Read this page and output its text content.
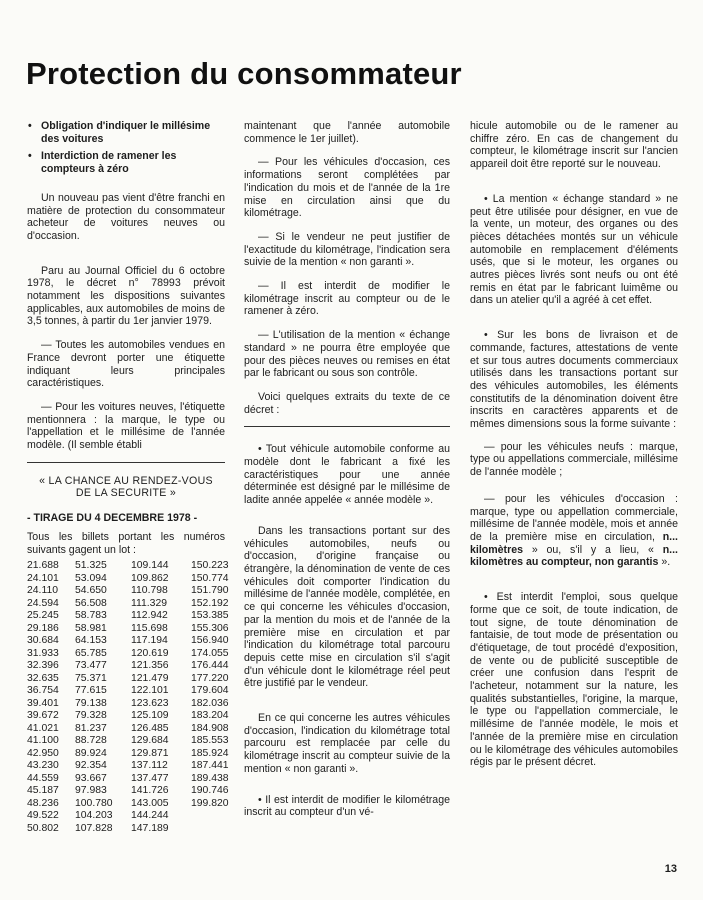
Protection du consommateur
• Obligation d'indiquer le millésime des voitures
• Interdiction de ramener les compteurs à zéro

Un nouveau pas vient d'être franchi en matière de protection du consommateur acheteur de voitures neuves ou d'occasion.

Paru au Journal Officiel du 6 octobre 1978, le décret n° 78993 prévoit notamment les dispositions suivantes applicables, aux automobiles de moins de 3,5 tonnes, à partir du 1er janvier 1979.

— Toutes les automobiles vendues en France devront porter une étiquette indiquant leurs principales caractéristiques.

— Pour les voitures neuves, l'étiquette mentionnera : la marque, le type ou l'appellation et le millésime de l'année modèle. (Il semble établi

« LA CHANCE AU RENDEZ-VOUS
DE LA SECURITE »
- TIRAGE DU 4 DECEMBRE 1978 -

Tous les billets portant les numéros suivants gagent un lot :

21.688	51.325	109.144	150.223
24.101	53.094	109.862	150.774
24.110	54.650	110.798	151.790
24.594	56.508	111.329	152.192
25.245	58.783	112.942	153.385
29.186	58.981	115.698	155.306
30.684	64.153	117.194	156.940
31.933	65.785	120.619	174.055
32.396	73.477	121.356	176.444
32.635	75.371	121.479	177.220
36.754	77.615	122.101	179.604
39.401	79.138	123.623	182.036
39.672	79.328	125.109	183.204
41.021	81.237	126.485	184.908
41.100	88.728	129.684	185.553
42.950	89.924	129.871	185.924
43.230	92.354	137.112	187.441
44.559	93.667	137.477	189.438
45.187	97.983	141.726	190.746
48.236	100.780	143.005	199.820
49.522	104.203	144.244
50.802	107.828	147.189

maintenant que l'année automobile commence le 1er juillet).

— Pour les véhicules d'occasion, ces informations seront complétées par l'indication du mois et de l'année de la 1re mise en circulation ainsi que du kilométrage.

— Si le vendeur ne peut justifier de l'exactitude du kilométrage, l'indication sera suivie de la mention « non garanti ».

— Il est interdit de modifier le kilométrage inscrit au compteur ou de le ramener à zéro.

— L'utilisation de la mention « échange standard » ne pourra être employée que pour des pièces neuves ou remises en état par le fabricant ou sous son contrôle.

Voici quelques extraits du texte de ce décret :

• Tout véhicule automobile conforme au modèle dont le fabricant a fixé les caractéristiques pour une année déterminée est désigné par le millésime de ladite année appelée « année modèle ».

Dans les transactions portant sur des véhicules automobiles, neufs ou d'occasion, d'origine française ou étrangère, la dénomination de vente de ces véhicules doit comporter l'indication du millésime de l'année modèle, complétée, en ce qui concerne les véhicules d'occasion, par la mention du mois et de l'année de la première mise en circulation et par l'indication du kilométrage total parcouru depuis cette mise en circulation s'il s'agit d'un véhicule dont le kilométrage réel peut être justifié par le vendeur.

En ce qui concerne les autres véhicules d'occasion, l'indication du kilométrage total parcouru est remplacée par celle du kilométrage inscrit au compteur suivie de la mention « non garanti ».

• Il est interdit de modifier le kilométrage inscrit au compteur d'un vé-

hicule automobile ou de le ramener au chiffre zéro. En cas de changement du compteur, le kilométrage inscrit sur l'ancien appareil doit être reporté sur le nouveau.

• La mention « échange standard » ne peut être utilisée pour désigner, en vue de la vente, un moteur, des organes ou des pièces détachées montés sur un véhicule automobile en remplacement d'éléments usés, que si le moteur, les organes ou autres pièces livrés sont neufs ou ont été remis en état par le fabricant luimême ou dans un atelier qu'il a agréé à cet effet.

• Sur les bons de livraison et de commande, factures, attestations de vente et sur tous autres documents commerciaux utilisés dans les transactions portant sur des véhicules automobiles, les éléments constitutifs de la dénomination doivent être inscrits en caractères apparents et de mêmes dimensions sous la forme suivante :

— pour les véhicules neufs : marque, type ou appellations commerciale, millésime de l'année modèle ;

— pour les véhicules d'occasion : marque, type ou appellation commerciale, millésime de l'année modèle, mois et année de la première mise en circulation, n... kilomètres » ou, s'il y a lieu, « n... kilomètres au compteur, non garantis ».

• Est interdit l'emploi, sous quelque forme que ce soit, de toute indication, de tout signe, de toute dénomination de fantaisie, de tout mode de présentation ou d'étiquetage, de tout procédé d'exposition, de vente ou de publicité susceptible de créer une confusion dans l'esprit de l'acheteur, notamment sur la nature, les qualités substantielles, l'origine, la marque, le type ou l'appellation commerciale, le millésime de l'année modèle, le mois et l'année de la première mise en circulation ou le kilométrage des véhicules automobiles régis par le présent décret.

13
